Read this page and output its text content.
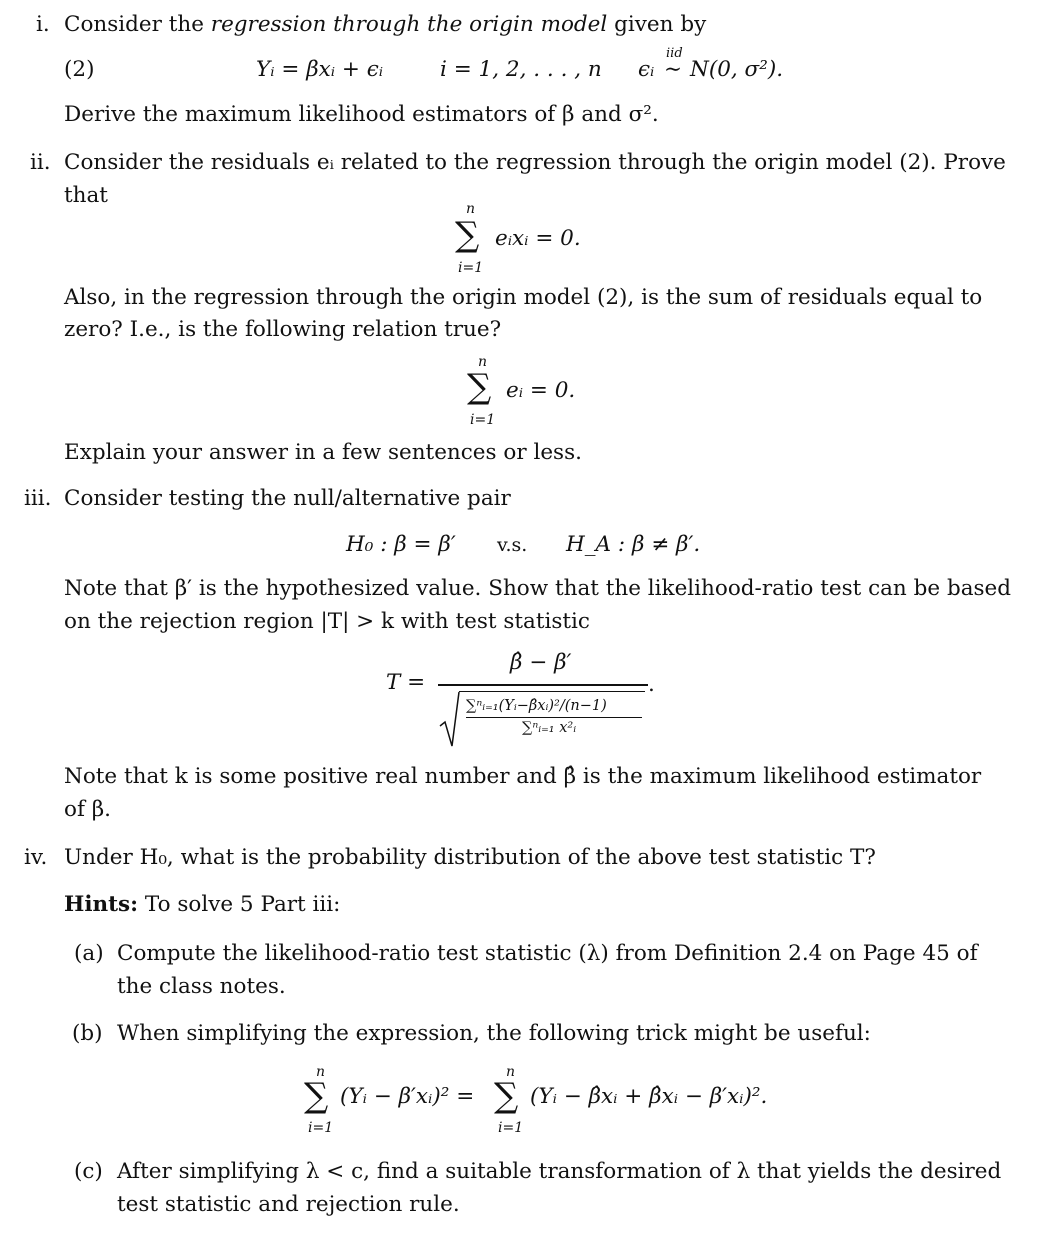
i. Consider the regression through the origin model given by
(2)	Yᵢ = βxᵢ + ϵᵢ	i = 1, 2, . . . , n ϵᵢ ∼
iid
N(0, σ²).
Derive the maximum likelihood estimators of β and σ².
ii. Consider the residuals eᵢ related to the regression through the origin model (2). Prove
that
n
∑
i=1
eᵢxᵢ = 0.
Also, in the regression through the origin model (2), is the sum of residuals equal to
zero? I.e., is the following relation true?
n
∑
i=1
eᵢ = 0.
Explain your answer in a few sentences or less.
iii. Consider testing the null/alternative pair
H₀ : β = β′ v.s. H_A : β ≠ β′.
Note that β′ is the hypothesized value. Show that the likelihood-ratio test can be based
on the rejection region |T| > k with test statistic
T =
β̂ − β′
∑ⁿᵢ₌₁(Yᵢ−β̂xᵢ)²/(n−1)
∑ⁿᵢ₌₁ x²ᵢ
.
Note that k is some positive real number and β̂ is the maximum likelihood estimator
of β.
iv. Under H₀, what is the probability distribution of the above test statistic T?
Hints: To solve 5 Part iii:
(a) Compute the likelihood-ratio test statistic (λ) from Definition 2.4 on Page 45 of
the class notes.
(b) When simplifying the expression, the following trick might be useful:
n
∑
i=1
(Yᵢ − β′xᵢ)² =
n
∑
i=1
(Yᵢ − β̂xᵢ + β̂xᵢ − β′xᵢ)².
(c) After simplifying λ < c, find a suitable transformation of λ that yields the desired
test statistic and rejection rule.
